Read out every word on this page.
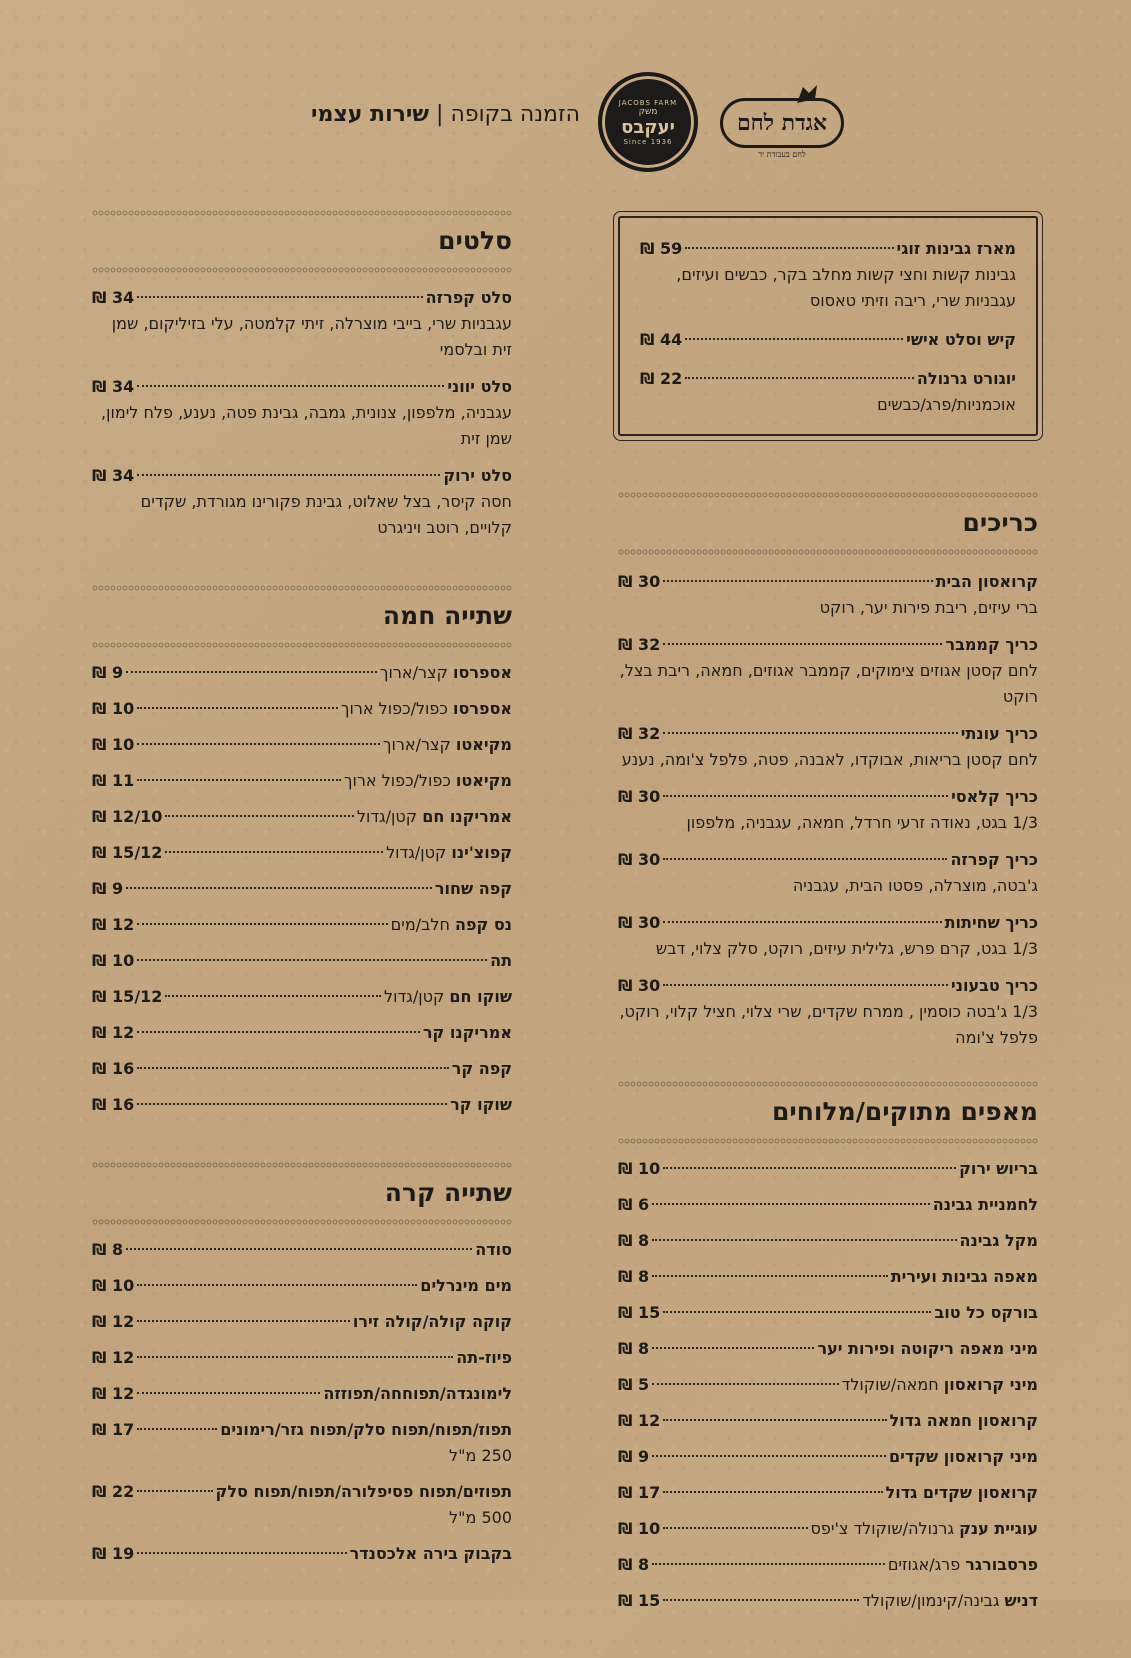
אגדת לחם
לחם בעבודת יד
JACOBS FARM
משק
יעקבס
Since 1936
הזמנה בקופה | שירות עצמי
מארז גבינות זוגי
₪ 59
גבינות קשות וחצי קשות מחלב בקר, כבשים ועיזים, עגבניות שרי, ריבה וזיתי טאסוס
קיש וסלט אישי
₪ 44
יוגורט גרנולה
₪ 22
אוכמניות/פרג/כבשים
כריכים
קרואסון הבית
₪ 30
ברי עיזים, ריבת פירות יער, רוקט
כריך קממבר
₪ 32
לחם קסטן אגוזים צימוקים, קממבר אגוזים, חמאה, ריבת בצל, רוקט
כריך עונתי
₪ 32
לחם קסטן בריאות, אבוקדו, לאבנה, פטה, פלפל צ'ומה, נענע
כריך קלאסי
₪ 30
1/3 בגט, נאודה זרעי חרדל, חמאה, עגבניה, מלפפון
כריך קפרזה
₪ 30
ג'בטה, מוצרלה, פסטו הבית, עגבניה
כריך שחיתות
₪ 30
1/3 בגט, קרם פרש, גלילית עיזים, רוקט, סלק צלוי, דבש
כריך טבעוני
₪ 30
1/3 ג'בטה כוסמין , ממרח שקדים, שרי צלוי, חציל קלוי, רוקט, פלפל צ'ומה
מאפים מתוקים/מלוחים
בריוש ירוק
₪ 10
לחמניית גבינה
₪ 6
מקל גבינה
₪ 8
מאפה גבינות ועירית
₪ 8
בורקס כל טוב
₪ 15
מיני מאפה ריקוטה ופירות יער
₪ 8
מיני קרואסון חמאה/שוקולד
₪ 5
קרואסון חמאה גדול
₪ 12
מיני קרואסון שקדים
₪ 9
קרואסון שקדים גדול
₪ 17
עוגיית ענק גרנולה/שוקולד צ'יפס
₪ 10
פרסבורגר פרג/אגוזים
₪ 8
דניש גבינה/קינמון/שוקולד
₪ 15
סלטים
סלט קפרזה
₪ 34
עגבניות שרי, בייבי מוצרלה, זיתי קלמטה, עלי בזיליקום, שמן זית ובלסמי
סלט יווני
₪ 34
עגבניה, מלפפון, צנונית, גמבה, גבינת פטה, נענע, פלח לימון, שמן זית
סלט ירוק
₪ 34
חסה קיסר, בצל שאלוט, גבינת פקורינו מגורדת, שקדים קלויים, רוטב ויניגרט
שתייה חמה
אספרסו קצר/ארוך
₪ 9
אספרסו כפול/כפול ארוך
₪ 10
מקיאטו קצר/ארוך
₪ 10
מקיאטו כפול/כפול ארוך
₪ 11
אמריקנו חם קטן/גדול
₪ 12/10
קפוצ'ינו קטן/גדול
₪ 15/12
קפה שחור
₪ 9
נס קפה חלב/מים
₪ 12
תה
₪ 10
שוקו חם קטן/גדול
₪ 15/12
אמריקנו קר
₪ 12
קפה קר
₪ 16
שוקו קר
₪ 16
שתייה קרה
סודה
₪ 8
מים מינרלים
₪ 10
קוקה קולה/קולה זירו
₪ 12
פיוז-תה
₪ 12
לימונגדה/תפוחחה/תפוזזה
₪ 12
תפוז/תפוח/תפוח סלק/תפוח גזר/רימונים
₪ 17
250 מ"ל
תפוזים/תפוח פסיפלורה/תפוח/תפוח סלק
₪ 22
500 מ"ל
בקבוק בירה אלכסנדר
₪ 19
